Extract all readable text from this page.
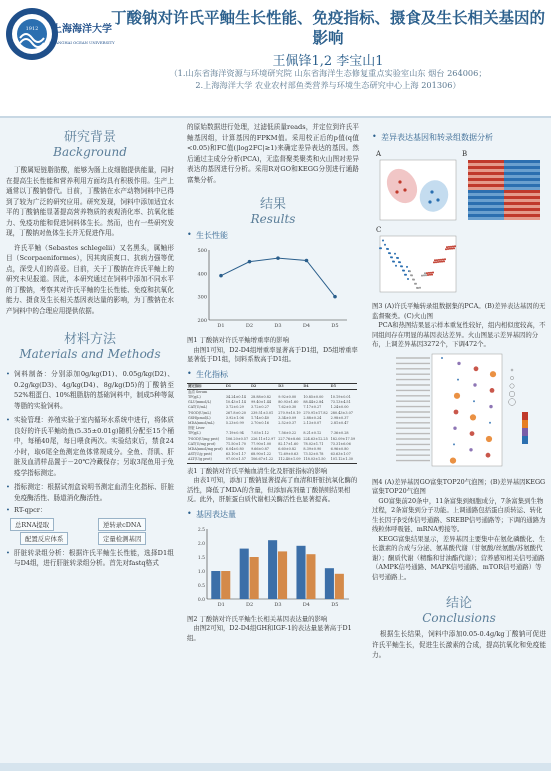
1912 上海海洋大学
SHANGHAI OCEAN UNIVERSITY
丁酸钠对许氏平鲉生长性能、免疫指标、摄食及生长相关基因的影响
王佩锋1,2 李宝山1
（1.山东省海洋资源与环境研究院 山东省海洋生态修复重点实验室山东 烟台 264006；
2.上海海洋大学 农业农村部鱼类营养与环境生态研究中心上海 201306）
研究背景
Background

丁酸属短链脂肪酸，能够为肠上皮细胞提供能量，同时在提高生长性能和营养利用方面均具有积极作用。生产上通常以丁酸钠替代。目前，丁酸钠在水产动物饲料中已得到了较为广泛的研究应用。研究发现，饲料中添加适宜水平的丁酸钠能显著提高营养物质的表观消化率、抗氧化能力、免疫功能和促进饲料体生长。然而，也有一些研究发现，丁酸钠对鱼体生长并无促进作用。

许氏平鲉（Sebastes schlegelii）又名黑头，属鲉形目（Scorpaeniformes），因其肉质爽口、抗病力强等优点，深受人们的喜爱。目前，关于丁酸钠在许氏平鲉上的研究未见报道。因此，本研究通过在饲料中添加不同水平的丁酸钠，考察其对许氏平鲉的生长性能、免疫和抗氧化能力、摄食及生长相关基因表达量的影响，为丁酸钠在水产饲料中的合理应用提供依据。

材料方法
Materials and Methods
• 饲料制备：分别添加0g/kg(D1)、0.05g/kg(D2)、0.2g/kg(D3)、4g/kg(D4)、8g/kg(D5)的丁酸钠至52%粗蛋白、10%粗脂肪的基础饲料中，制成5种等氮等脂的实验饲料。
• 实验管理：养殖实验于室内循环水系统中进行，将体质良好的许氏平鲉幼鱼(5.35±0.01g)随机分配至15个桶中，每桶40尾，每日喂食两次。实验结束后，禁食24小时，取6尾全鱼测定鱼体常规成分。全鱼、背肌、肝脏及血清样品置于－20℃冷藏保存；另取3尾鱼用于免疫学指标测定。
• 指标测定：根据试剂盒说明书测定血清生化指标、肝脏免疫酶活性、肠道消化酶活性。
• RT-qpcr：
总RNA提取	逆转录cDNA
配置反应体系	定量检测基因
• 肝脏转录组分析：根据许氏平鲉生长性能，选择D1组与D4组，进行肝脏转录组分析。首先对fastq格式

的原始数据进行处理，过滤低质量reads，并定位到许氏平鲉基因组，计算基因的FPKM值。采用校正后的p值(q值<0.05)和FC值(|log2FC|≥1)来确定差异表达的基因。然后通过主成分分析(PCA)，无监督聚类聚类和火山图对差异表达的基因进行分析。采用R对GO和KEGG分别进行通路富集分析。

结果
Results
• 生长性能
200
300
400
500
D1	D2	D3	D4	D5
图1 丁酸钠对许氏平鲉增重率的影响
由图1可知，D2-D4组增重率显著高于D1组，D5组增重率显著低于D1组，饲料系数高于D1组。
• 生化指标
测定指标	D1	D2	D3	D4	D5
血清 Serum					
TP(g/L)	34.24±0.14	28.88±0.82	9.92±0.00	10.85±0.00	10.19±0.01
GLU(mmol/L)	10.43±1.14	99.40±1.44	80.93±1.60	88.44±2.84	73.13±4.51
CAT(U/mL)	3.72±0.29	3.72±0.27	7.62±0.30	7.17±0.27	1.24±0.00
T-SOD(U/mL)	267.8±0.20	239.51±3.01	270.9±10.19	270.91±17.82	280.43±3.07
GSH(μmol/L)	3.92±1.06	1.74±0.40	3.34±0.09	2.88±0.24	2.98±0.37
MDA(nmol/mL)	5.23±0.99	2.70±0.16	2.52±0.37	2.13±0.07	2.81±0.47
肝脏 Liver					
TP(g/L)	7.19±0.94	7.05±1.12	7.56±0.22	8.21±0.12	7.36±0.28
T-SOD(U/mg prot)	106.20±0.57	226.11±12.97	227.76±8.66	224.63±12.25	182.09±17.59
CAT(U/mg prot)	71.50±1.70	77.90±1.00	82.17±1.60	78.02±1.71	73.31±6.06
MDA(nmol/mg prot)	6.04±0.80	9.66±0.87	6.60±0.82	8.39±0.90	6.96±0.80
AST(U/g prot)	63.10±1.17	68.90±1.22	72.69±0.63	73.52±0.78	63.63±1.07
ALT(U/g prot)	97.00±1.57	106.67±1.22	112.40±1.09	118.03±1.50	101.12±1.30
表1 丁酸钠对许氏平鲉血清生化及肝脏指标的影响
由表1可知，添加丁酸钠显著提高了血清和肝脏抗氧化酶的活性，降低了MDA的含量，但添加高剂量丁酸钠则结果相反。此外，肝脏蛋白质代谢相关酶活性也显著提高。
• 基因表达量
0.0
0.5
1.0
1.5
2.0
2.5
D1	D2	D3	D4	D5
图2 丁酸钠对许氏平鲉生长相关基因表达量的影响
由图2可知，D2-D4组GH和IGF-1的表达量显著高于D1组。
• 差异表达基因和转录组数据分析
A	B
C
图3 (A)许氏平鲉转录组数据集的PCA。(B)差异表达基因的无监督聚类。(C)火山图
PCA和热图结果显示样本重复性较好，组内相似度较高，不同组间存在明显的基因表达差异。火山图显示差异基因的分布，上调差异基因3272个，下调472个。
图4 (A)差异基因GO富集TOP20气泡图；(B)差异基因KEGG富集TOP20气泡图
GO富集前20条中，11条富集到细胞成分，7条富集到生物过程，2条富集到分子功能。上调通路包括蛋白质转运、转化生长因子β受体信号通路、SREBP信号通路等；下调的通路为线粒体呼吸链、mRNA剪接等。
KEGG富集结果显示，差异基因主要集中在氨化磷酸化、生长激素的合成与分泌、氨基酸代谢（甘氨酸/丝氨酸/苏氨酸代谢）；酮质代谢（精酯和甘油酯代谢）；营养感知相关信号通路（AMPK信号通路、MAPK信号通路、mTOR信号通路）等信号通路上。
结论
Conclusions

根据生长结果，饲料中添加0.05-0.4g/kg丁酸钠可促进许氏平鲉生长，促进生长激素的合成，提高抗氧化和免疫能力。
